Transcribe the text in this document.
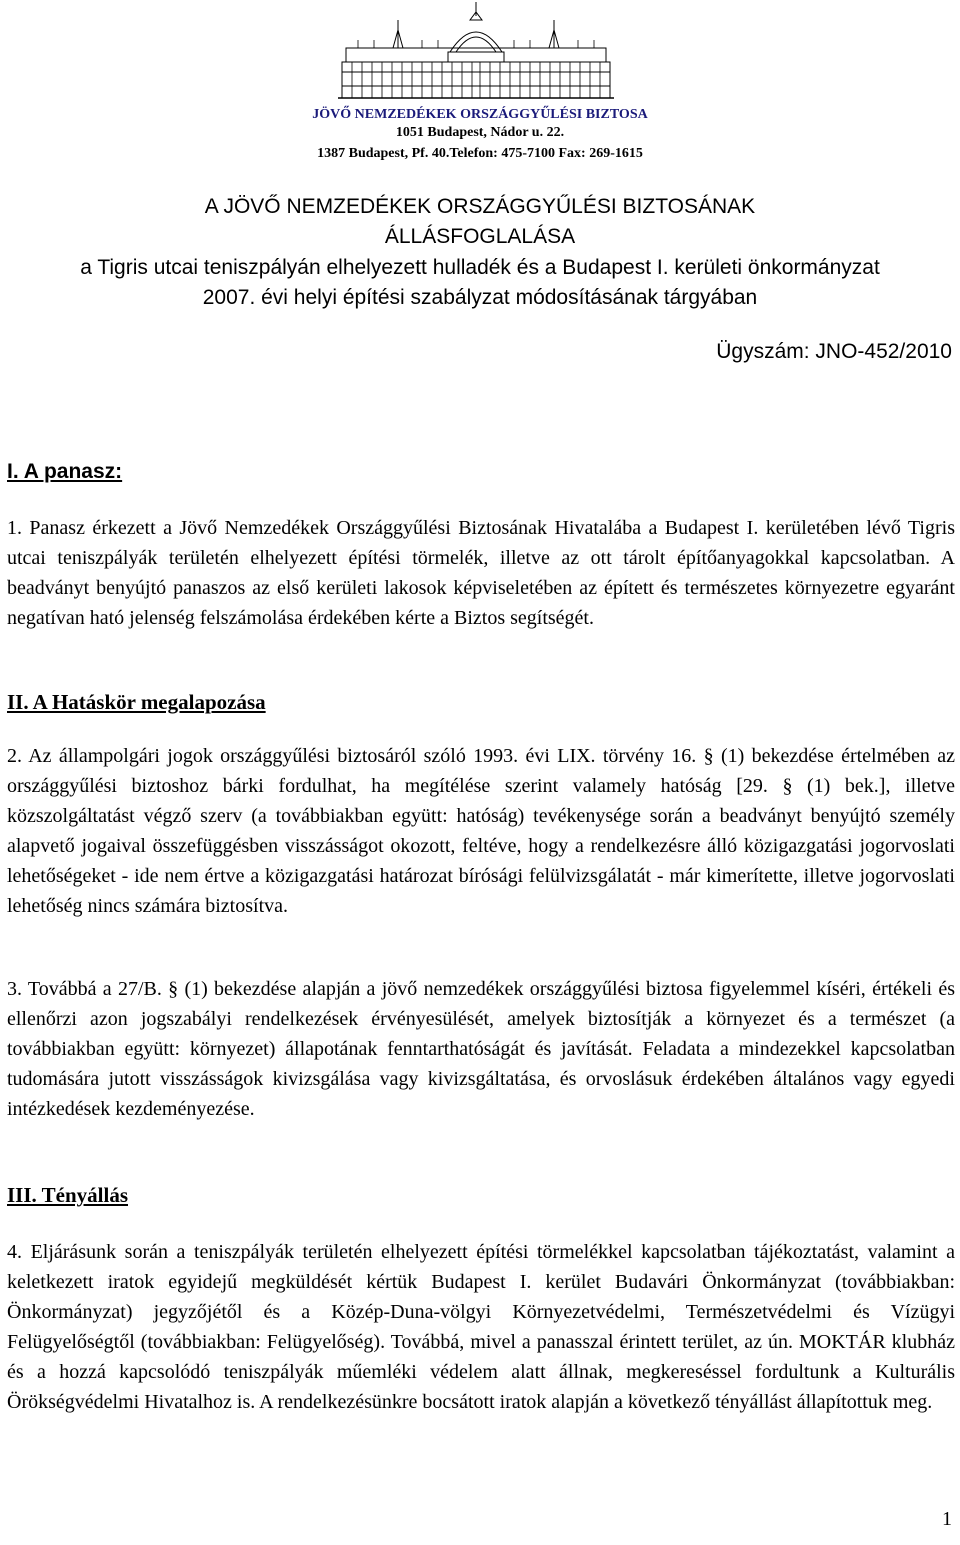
JÖVŐ NEMZEDÉKEK ORSZÁGGYŰLÉSI BIZTOSA
1051 Budapest, Nádor u. 22.
1387 Budapest, Pf. 40.Telefon: 475-7100 Fax: 269-1615
A JÖVŐ NEMZEDÉKEK ORSZÁGGYŰLÉSI BIZTOSÁNAK
ÁLLÁSFOGLALÁSA
a Tigris utcai teniszpályán elhelyezett hulladék és a Budapest I. kerületi önkormányzat
2007. évi helyi építési szabályzat módosításának tárgyában
Ügyszám: JNO-452/2010
I. A panasz:

1. Panasz érkezett a Jövő Nemzedékek Országgyűlési Biztosának Hivatalába a Budapest I. kerületében lévő Tigris utcai teniszpályák területén elhelyezett építési törmelék, illetve az ott tárolt építőanyagokkal kapcsolatban. A beadványt benyújtó panaszos az első kerületi lakosok képviseletében az épített és természetes környezetre egyaránt negatívan ható jelenség felszámolása érdekében kérte a Biztos segítségét.

II. A Hatáskör megalapozása

2. Az állampolgári jogok országgyűlési biztosáról szóló 1993. évi LIX. törvény 16. § (1) bekezdése értelmében az országgyűlési biztoshoz bárki fordulhat, ha megítélése szerint valamely hatóság [29. § (1) bek.], illetve közszolgáltatást végző szerv (a továbbiakban együtt: hatóság) tevékenysége során a beadványt benyújtó személy alapvető jogaival összefüggésben visszásságot okozott, feltéve, hogy a rendelkezésre álló közigazgatási jogorvoslati lehetőségeket - ide nem értve a közigazgatási határozat bírósági felülvizsgálatát - már kimerítette, illetve jogorvoslati lehetőség nincs számára biztosítva.

3. Továbbá a 27/B. § (1) bekezdése alapján a jövő nemzedékek országgyűlési biztosa figyelemmel kíséri, értékeli és ellenőrzi azon jogszabályi rendelkezések érvényesülését, amelyek biztosítják a környezet és a természet (a továbbiakban együtt: környezet) állapotának fenntarthatóságát és javítását. Feladata a mindezekkel kapcsolatban tudomására jutott visszásságok kivizsgálása vagy kivizsgáltatása, és orvoslásuk érdekében általános vagy egyedi intézkedések kezdeményezése.

III. Tényállás

4. Eljárásunk során a teniszpályák területén elhelyezett építési törmelékkel kapcsolatban tájékoztatást, valamint a keletkezett iratok egyidejű megküldését kértük Budapest I. kerület Budavári Önkormányzat (továbbiakban: Önkormányzat) jegyzőjétől és a Közép-Duna-völgyi Környezetvédelmi, Természetvédelmi és Vízügyi Felügyelőségtől (továbbiakban: Felügyelőség). Továbbá, mivel a panasszal érintett terület, az ún. MOKTÁR klubház és a hozzá kapcsolódó teniszpályák műemléki védelem alatt állnak, megkereséssel fordultunk a Kulturális Örökségvédelmi Hivatalhoz is. A rendelkezésünkre bocsátott iratok alapján a következő tényállást állapítottuk meg.

1
